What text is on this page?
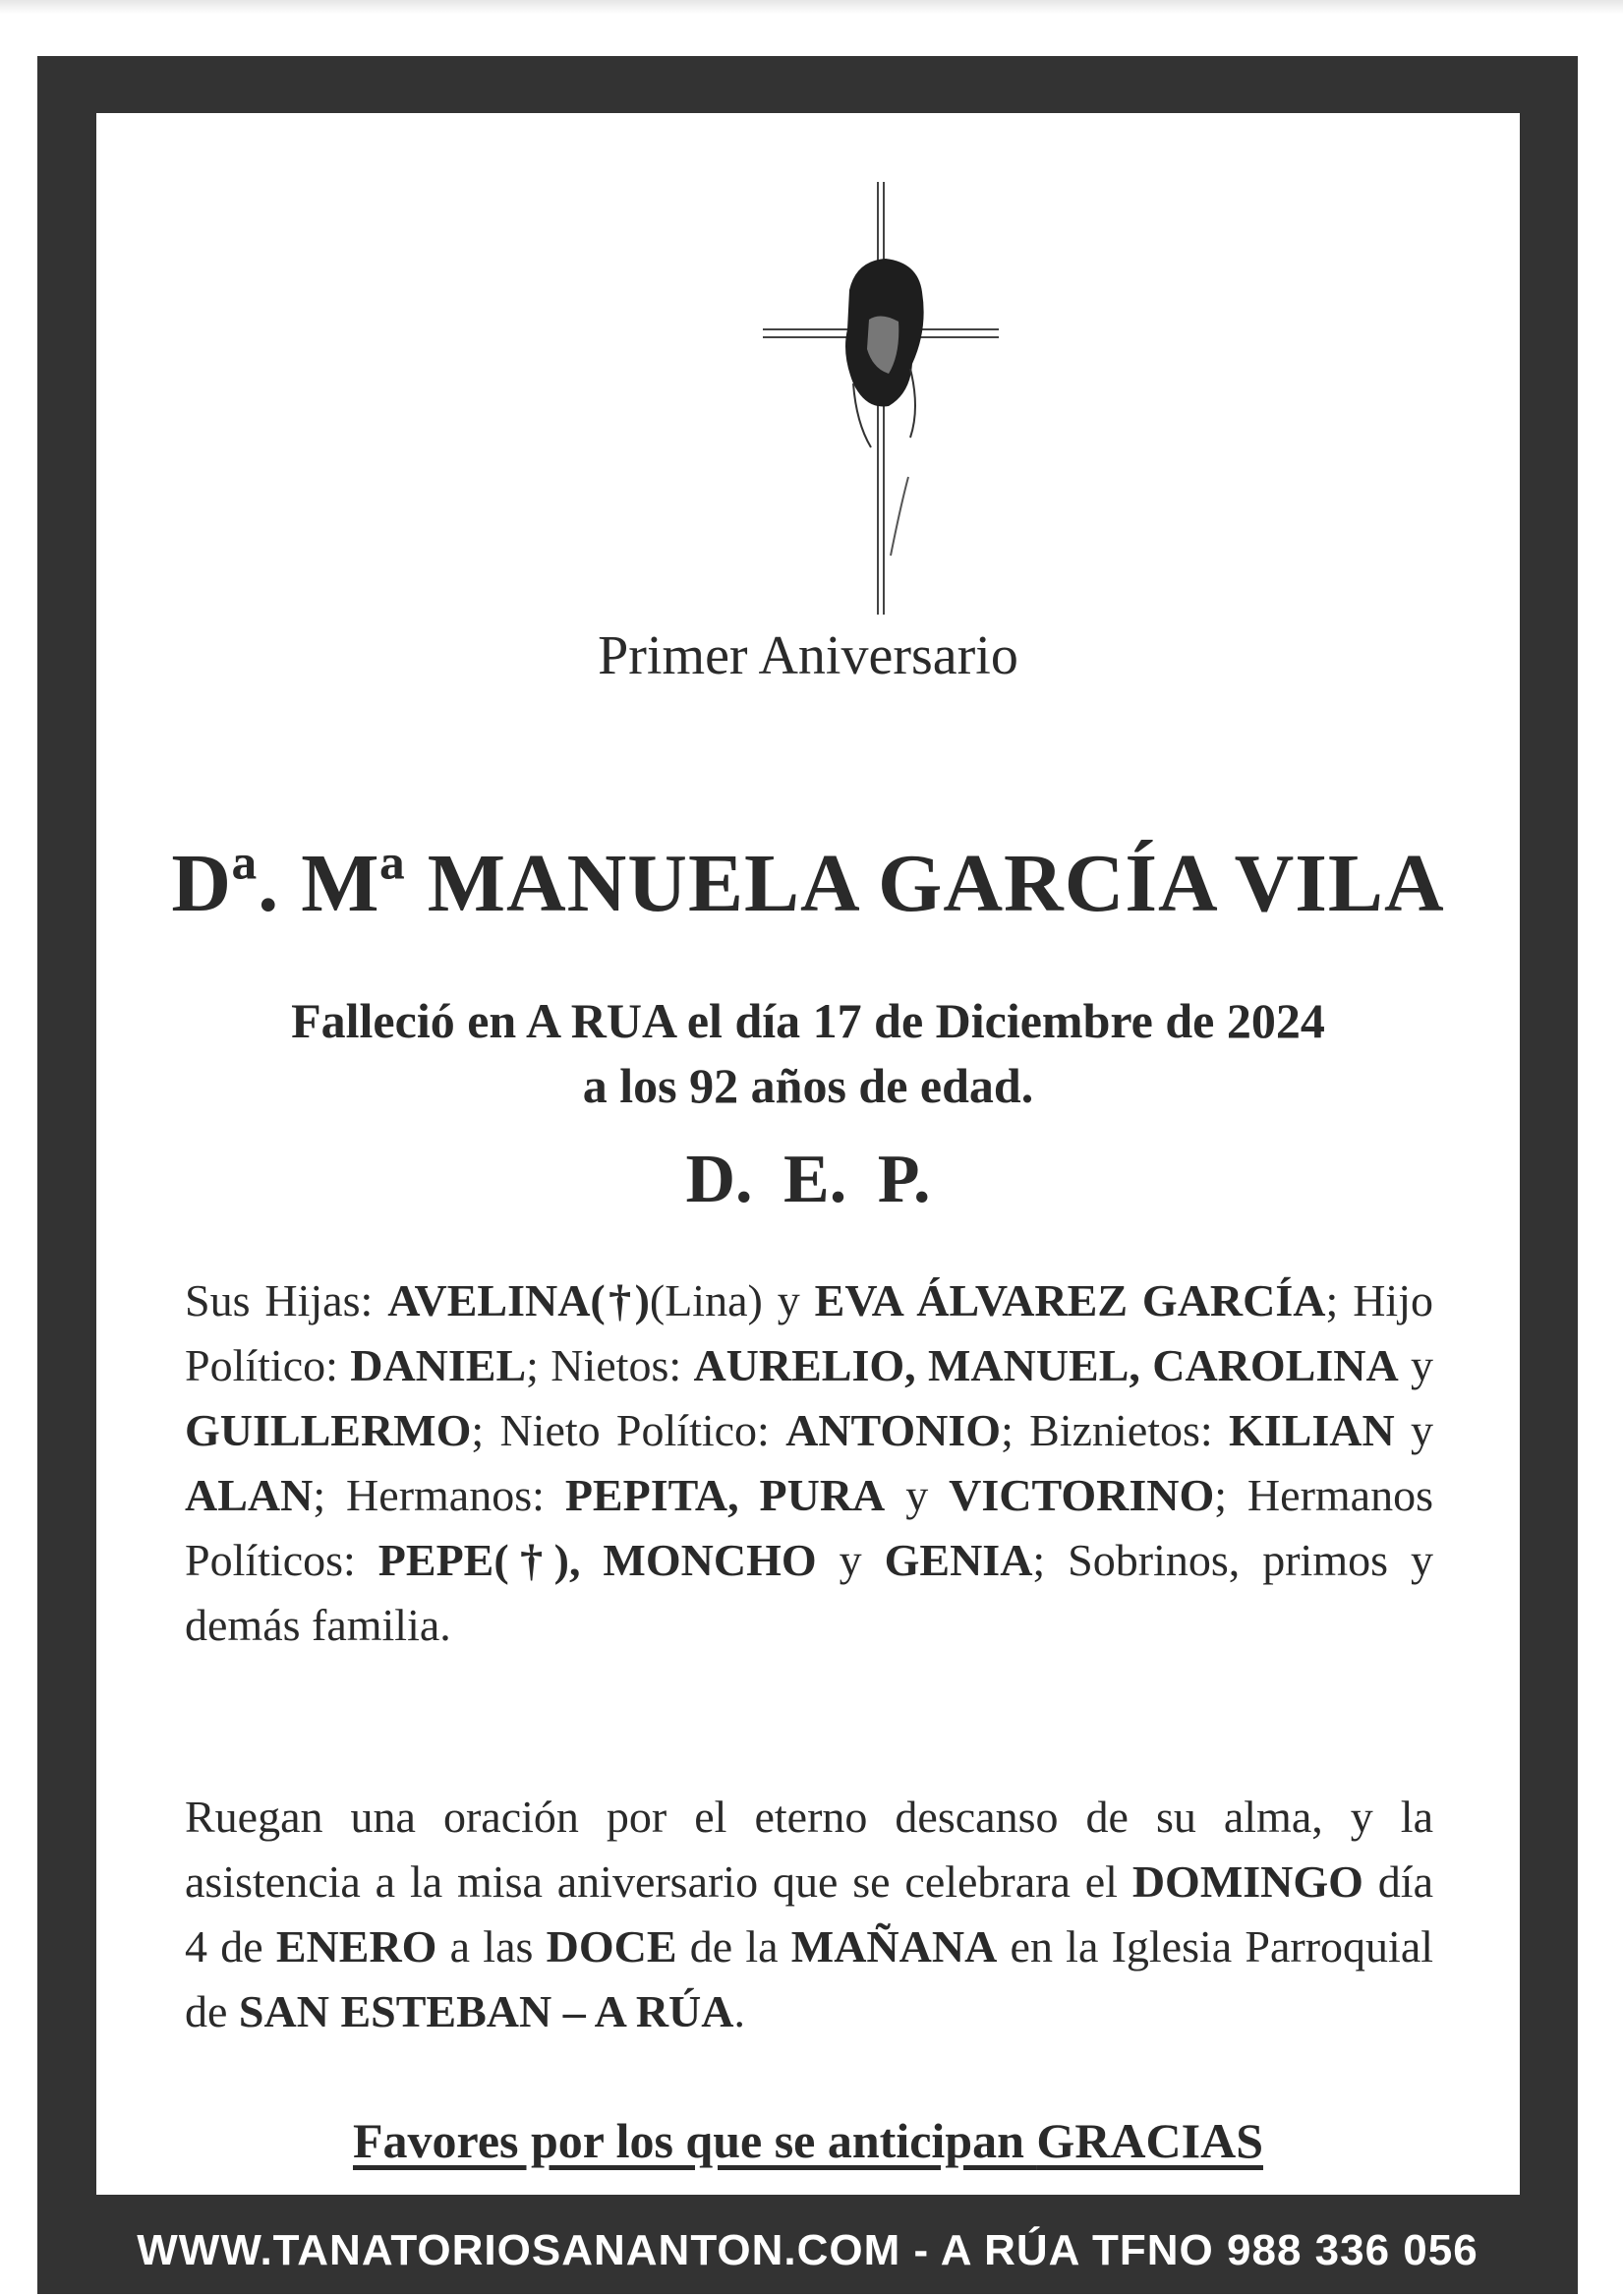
Primer Aniversario

Dª. Mª MANUELA GARCÍA VILA

Falleció en A RUA el día 17 de Diciembre de 2024
a los 92 años de edad.

D. E. P.

Sus Hijas: AVELINA(†)(Lina) y EVA ÁLVAREZ GARCÍA; Hijo Político: DANIEL; Nietos: AURELIO, MANUEL, CAROLINA y GUILLERMO; Nieto Político: ANTONIO; Biznietos: KILIAN y ALAN; Hermanos: PEPITA, PURA y VICTORINO; Hermanos Políticos: PEPE(†), MONCHO y GENIA; Sobrinos, primos y demás familia.

Ruegan una oración por el eterno descanso de su alma, y la asistencia a la misa aniversario que se celebrara el DOMINGO día 4 de ENERO a las DOCE de la MAÑANA en la Iglesia Parroquial de SAN ESTEBAN – A RÚA.

Favores por los que se anticipan GRACIAS

WWW.TANATORIOSANANTON.COM - A RÚA TFNO 988 336 056
